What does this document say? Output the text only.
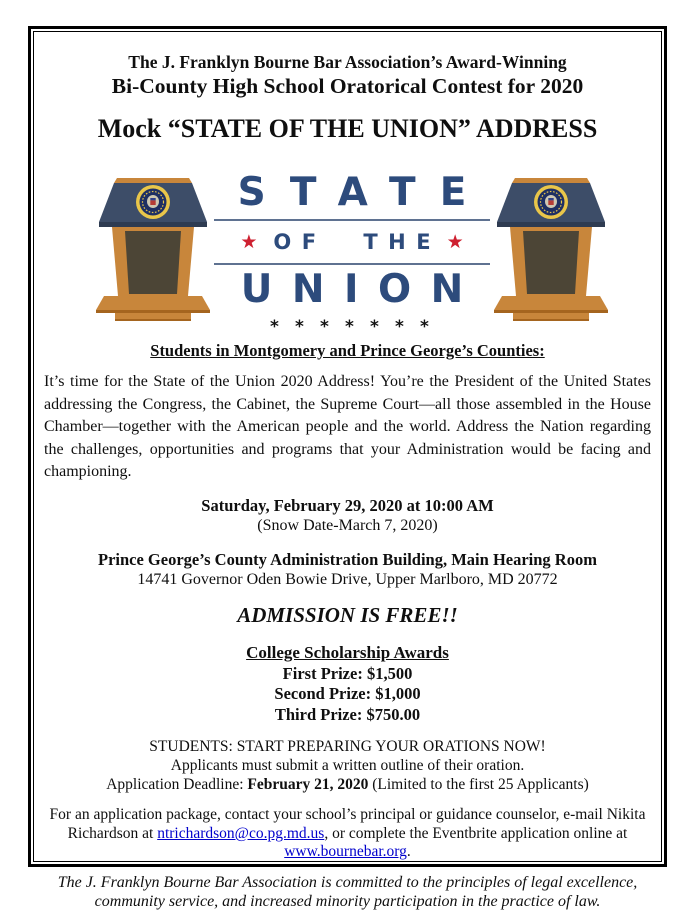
The J. Franklyn Bourne Bar Association’s Award-Winning
Bi-County High School Oratorical Contest for 2020
Mock “STATE OF THE UNION” ADDRESS
STATE
★ OF THE ★
UNION
* * * * * * *
Students in Montgomery and Prince George’s Counties:
It’s time for the State of the Union 2020 Address! You’re the President of the United States addressing the Congress, the Cabinet, the Supreme Court—all those assembled in the House Chamber—together with the American people and the world. Address the Nation regarding the challenges, opportunities and programs that your Administration would be facing and championing.
Saturday, February 29, 2020 at 10:00 AM
(Snow Date-March 7, 2020)
Prince George’s County Administration Building, Main Hearing Room
14741 Governor Oden Bowie Drive, Upper Marlboro, MD 20772
ADMISSION IS FREE!!
College Scholarship Awards
First Prize: $1,500
Second Prize: $1,000
Third Prize: $750.00
STUDENTS: START PREPARING YOUR ORATIONS NOW!
Applicants must submit a written outline of their oration.
Application Deadline: February 21, 2020 (Limited to the first 25 Applicants)
For an application package, contact your school’s principal or guidance counselor, e-mail Nikita Richardson at ntrichardson@co.pg.md.us, or complete the Eventbrite application online at www.bournebar.org.
The J. Franklyn Bourne Bar Association is committed to the principles of legal excellence, community service, and increased minority participation in the practice of law.
